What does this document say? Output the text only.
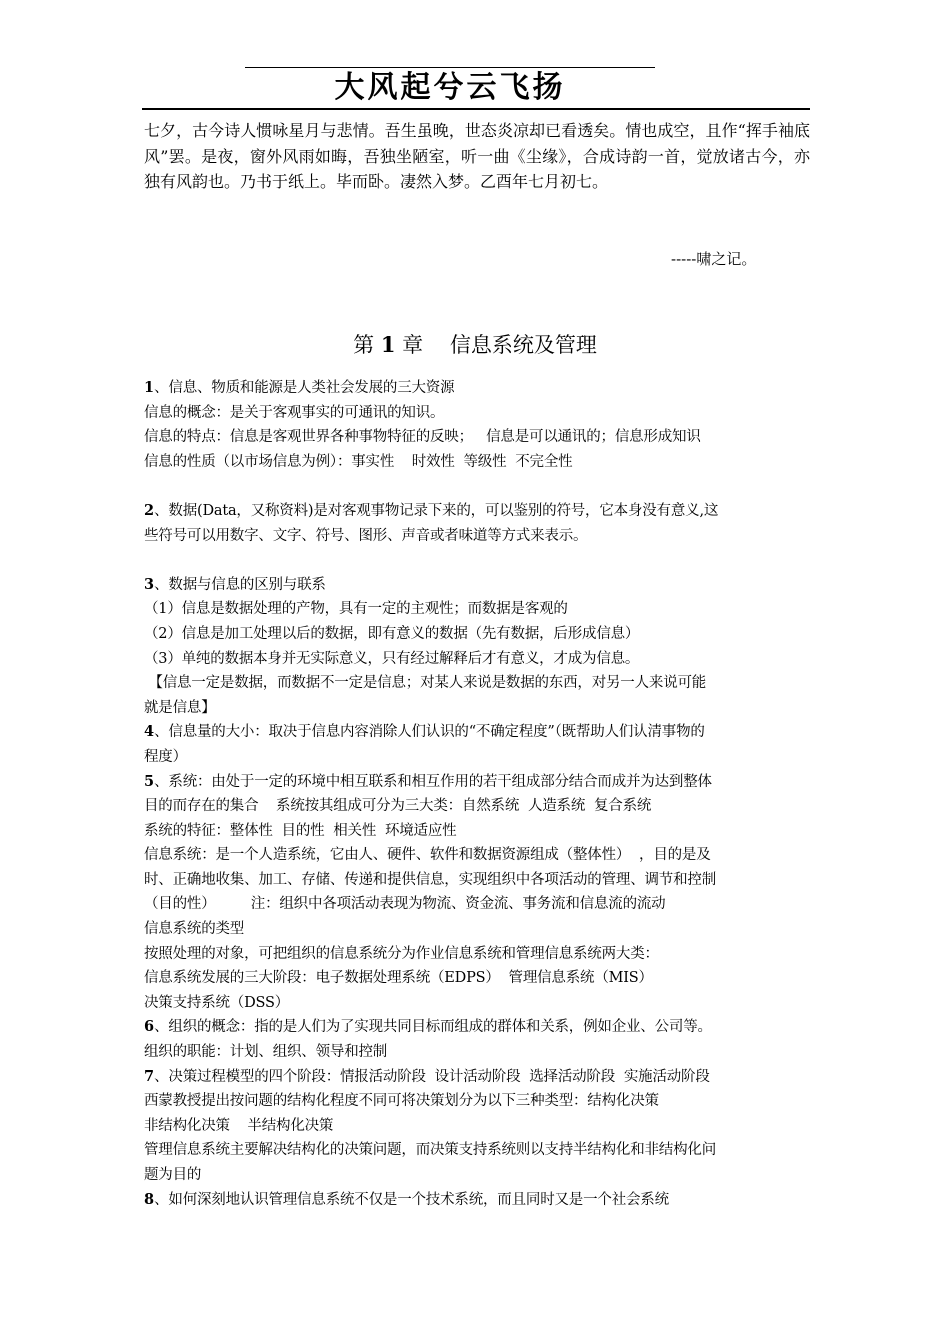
大风起兮云飞扬
七夕，古今诗人惯咏星月与悲情。吾生虽晚，世态炎凉却已看透矣。情也成空，且作“挥手袖底风”罢。是夜，窗外风雨如晦，吾独坐陋室，听一曲《尘缘》，合成诗韵一首，觉放诸古今，亦独有风韵也。乃书于纸上。毕而卧。凄然入梦。乙酉年七月初七。
-----啸之记。
第 1 章 信息系统及管理
1、信息、物质和能源是人类社会发展的三大资源
信息的概念：是关于客观事实的可通讯的知识。
信息的特点：信息是客观世界各种事物特征的反映；   信息是可以通讯的；信息形成知识
信息的性质（以市场信息为例）：事实性    时效性  等级性  不完全性
2、数据(Data，又称资料)是对客观事物记录下来的，可以鉴别的符号，它本身没有意义,这
些符号可以用数字、文字、符号、图形、声音或者味道等方式来表示。
3、数据与信息的区别与联系
（1）信息是数据处理的产物，具有一定的主观性；而数据是客观的
（2）信息是加工处理以后的数据，即有意义的数据（先有数据，后形成信息）
（3）单纯的数据本身并无实际意义，只有经过解释后才有意义，才成为信息。
【信息一定是数据，而数据不一定是信息；对某人来说是数据的东西，对另一人来说可能
就是信息】
4、信息量的大小：取决于信息内容消除人们认识的“不确定程度”（既帮助人们认清事物的
程度）
5、系统：由处于一定的环境中相互联系和相互作用的若干组成部分结合而成并为达到整体
目的而存在的集合    系统按其组成可分为三大类：自然系统  人造系统  复合系统
系统的特征：整体性  目的性  相关性  环境适应性
信息系统：是一个人造系统，它由人、硬件、软件和数据资源组成（整体性）  ，目的是及
时、正确地收集、加工、存储、传递和提供信息，实现组织中各项活动的管理、调节和控制
（目的性）        注：组织中各项活动表现为物流、资金流、事务流和信息流的流动
信息系统的类型
按照处理的对象，可把组织的信息系统分为作业信息系统和管理信息系统两大类：
信息系统发展的三大阶段：电子数据处理系统（EDPS）  管理信息系统（MIS）
决策支持系统（DSS）
6、组织的概念：指的是人们为了实现共同目标而组成的群体和关系，例如企业、公司等。
组织的职能：计划、组织、领导和控制
7、决策过程模型的四个阶段：情报活动阶段  设计活动阶段  选择活动阶段  实施活动阶段
西蒙教授提出按问题的结构化程度不同可将决策划分为以下三种类型：结构化决策
非结构化决策    半结构化决策
管理信息系统主要解决结构化的决策问题，而决策支持系统则以支持半结构化和非结构化问
题为目的
8、如何深刻地认识管理信息系统不仅是一个技术系统，而且同时又是一个社会系统
